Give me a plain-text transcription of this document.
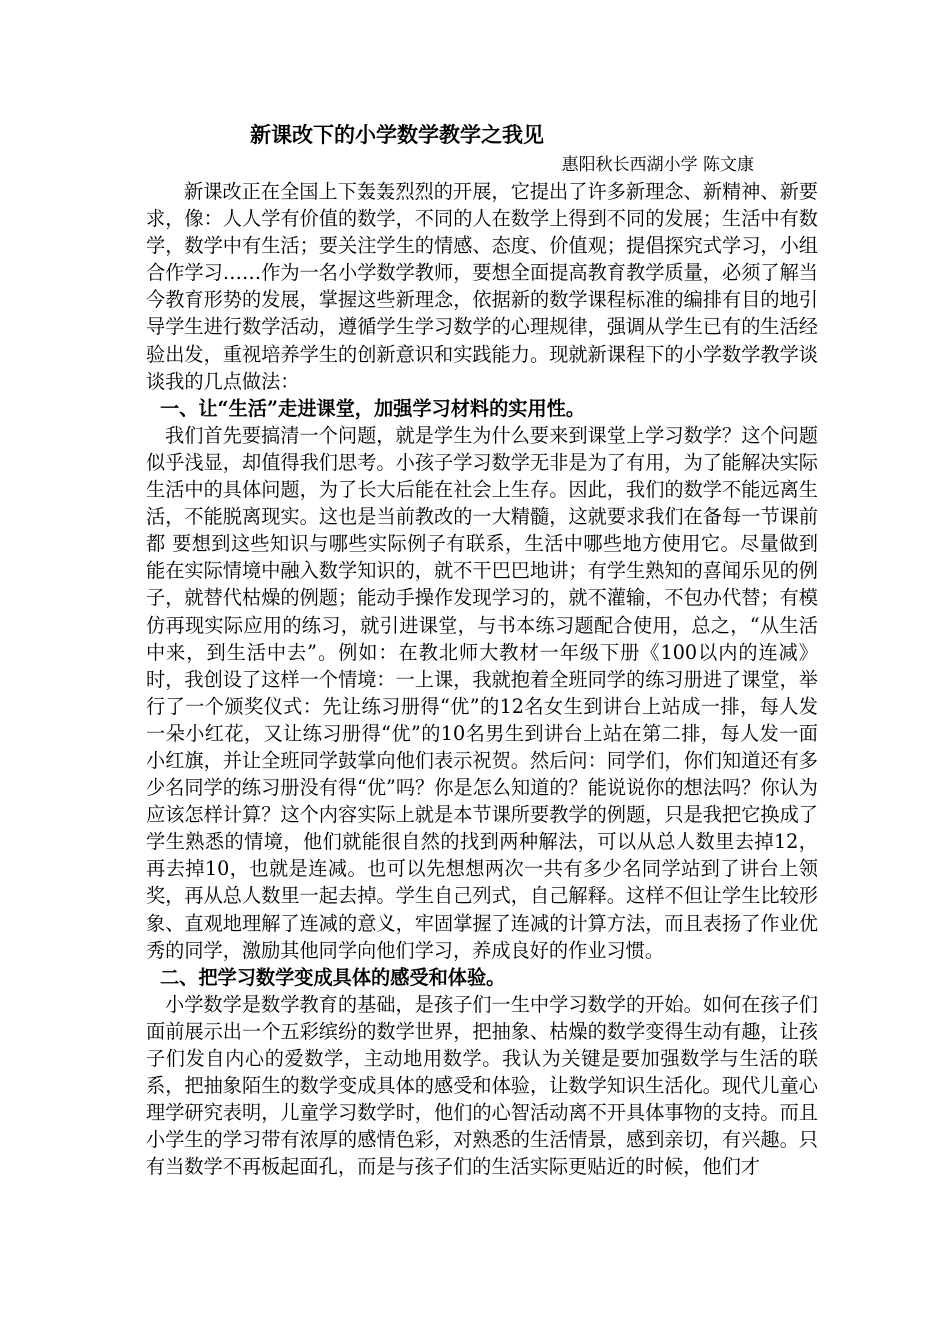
新课改下的小学数学教学之我见
惠阳秋长西湖小学 陈文康

新课改正在全国上下轰轰烈烈的开展，它提出了许多新理念、新精神、新要求，像：人人学有价值的数学，不同的人在数学上得到不同的发展；生活中有数学，数学中有生活；要关注学生的情感、态度、价值观；提倡探究式学习，小组合作学习……作为一名小学数学教师，要想全面提高教育教学质量，必须了解当今教育形势的发展，掌握这些新理念，依据新的数学课程标准的编排有目的地引导学生进行数学活动，遵循学生学习数学的心理规律，强调从学生已有的生活经验出发，重视培养学生的创新意识和实践能力。现就新课程下的小学数学教学谈谈我的几点做法：

一、让“生活”走进课堂，加强学习材料的实用性。

我们首先要搞清一个问题，就是学生为什么要来到课堂上学习数学？这个问题似乎浅显，却值得我们思考。小孩子学习数学无非是为了有用，为了能解决实际生活中的具体问题，为了长大后能在社会上生存。因此，我们的数学不能远离生活，不能脱离现实。这也是当前教改的一大精髓，这就要求我们在备每一节课前都 要想到这些知识与哪些实际例子有联系，生活中哪些地方使用它。尽量做到能在实际情境中融入数学知识的，就不干巴巴地讲；有学生熟知的喜闻乐见的例子，就替代枯燥的例题；能动手操作发现学习的，就不灌输，不包办代替；有模仿再现实际应用的练习，就引进课堂，与书本练习题配合使用，总之，“从生活中来，到生活中去”。例如：在教北师大教材一年级下册《100以内的连减》时，我创设了这样一个情境：一上课，我就抱着全班同学的练习册进了课堂，举行了一个颁奖仪式：先让练习册得“优”的12名女生到讲台上站成一排，每人发一朵小红花，又让练习册得“优”的10名男生到讲台上站在第二排，每人发一面小红旗，并让全班同学鼓掌向他们表示祝贺。然后问：同学们，你们知道还有多少名同学的练习册没有得“优”吗？你是怎么知道的？能说说你的想法吗？你认为应该怎样计算？这个内容实际上就是本节课所要教学的例题，只是我把它换成了学生熟悉的情境，他们就能很自然的找到两种解法，可以从总人数里去掉12，再去掉10，也就是连减。也可以先想想两次一共有多少名同学站到了讲台上领奖，再从总人数里一起去掉。学生自己列式，自己解释。这样不但让学生比较形象、直观地理解了连减的意义，牢固掌握了连减的计算方法，而且表扬了作业优秀的同学，激励其他同学向他们学习，养成良好的作业习惯。

二、把学习数学变成具体的感受和体验。

小学数学是数学教育的基础，是孩子们一生中学习数学的开始。如何在孩子们面前展示出一个五彩缤纷的数学世界，把抽象、枯燥的数学变得生动有趣，让孩子们发自内心的爱数学，主动地用数学。我认为关键是要加强数学与生活的联系，把抽象陌生的数学变成具体的感受和体验，让数学知识生活化。现代儿童心理学研究表明，儿童学习数学时，他们的心智活动离不开具体事物的支持。而且小学生的学习带有浓厚的感情色彩，对熟悉的生活情景，感到亲切，有兴趣。只有当数学不再板起面孔，而是与孩子们的生活实际更贴近的时候，他们才
